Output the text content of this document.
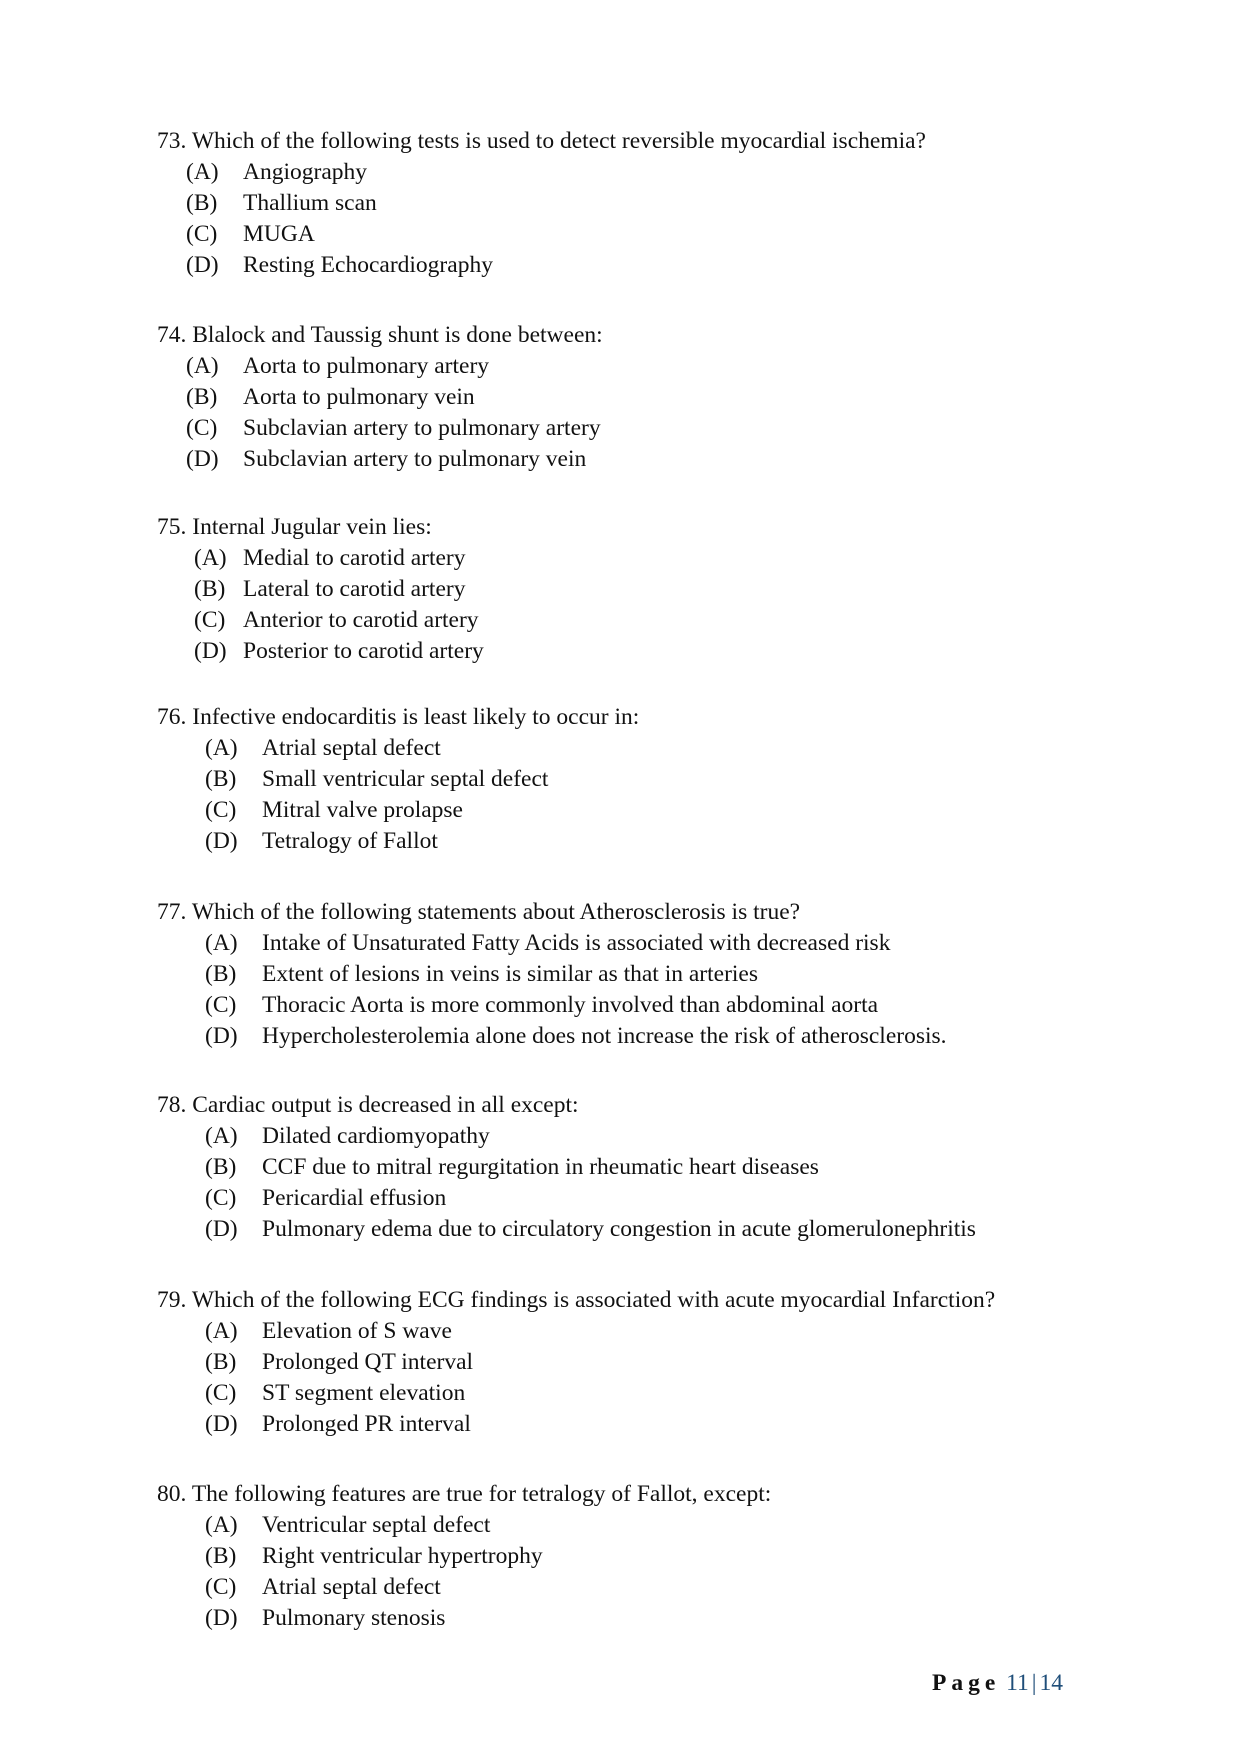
73. Which of the following tests is used to detect reversible myocardial ischemia?
(A)	Angiography
(B)	Thallium scan
(C)	MUGA
(D)	Resting Echocardiography
74. Blalock and Taussig shunt is done between:
(A)	Aorta to pulmonary artery
(B)	Aorta to pulmonary vein
(C)	Subclavian artery to pulmonary artery
(D)	Subclavian artery to pulmonary vein
75. Internal Jugular vein lies:
(A) Medial to carotid artery
(B) Lateral to carotid artery
(C) Anterior to carotid artery
(D) Posterior to carotid artery
76. Infective endocarditis is least likely to occur in:
(A)	Atrial septal defect
(B)	Small ventricular septal defect
(C)	Mitral valve prolapse
(D)	Tetralogy of Fallot
77. Which of the following statements about Atherosclerosis is true?
(A)	Intake of Unsaturated Fatty Acids is associated with decreased risk
(B)	Extent of lesions in veins is similar as that in arteries
(C)	Thoracic Aorta is more commonly involved than abdominal aorta
(D)	Hypercholesterolemia alone does not increase the risk of atherosclerosis.
78. Cardiac output is decreased in all except:
(A)	Dilated cardiomyopathy
(B)	CCF due to mitral regurgitation in rheumatic heart diseases
(C)	Pericardial effusion
(D)	Pulmonary edema due to circulatory congestion in acute glomerulonephritis
79. Which of the following ECG findings is associated with acute myocardial Infarction?
(A)	Elevation of S wave
(B)	Prolonged QT interval
(C)	ST segment elevation
(D)	Prolonged PR interval
80. The following features are true for tetralogy of Fallot, except:
(A)	Ventricular septal defect
(B)	Right ventricular hypertrophy
(C)	Atrial septal defect
(D)	Pulmonary stenosis
Page 11 | 14
